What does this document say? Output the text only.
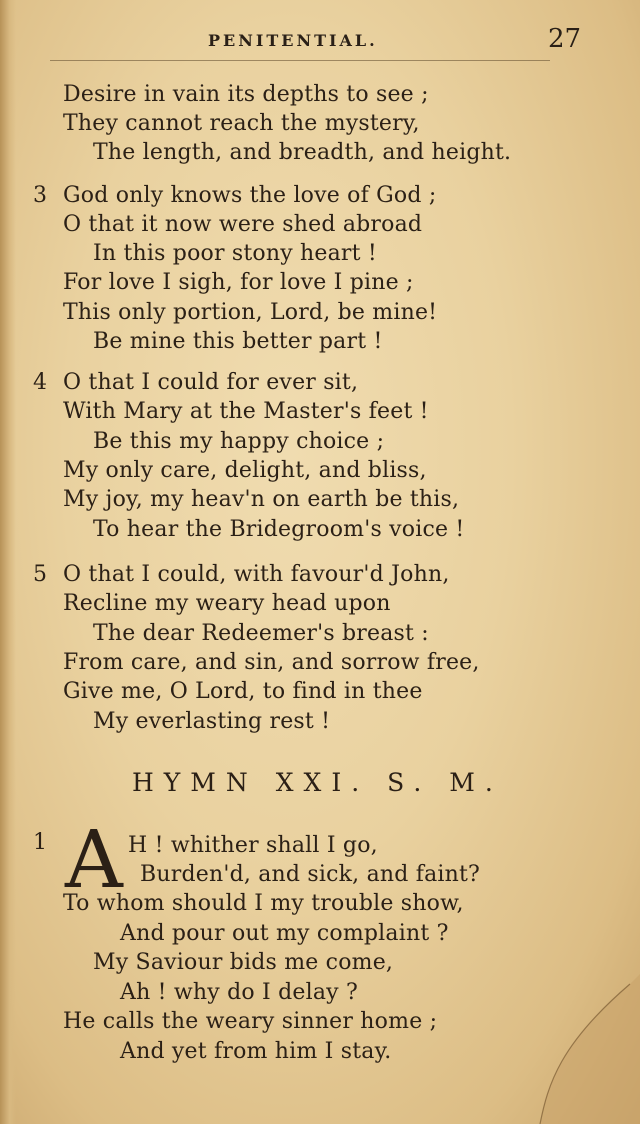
PENITENTIAL.	27
Desire in vain its depths to see ;
They cannot reach the mystery,
The length, and breadth, and height.
3 God only knows the love of God ;
O that it now were shed abroad
In this poor stony heart !
For love I sigh, for love I pine ;
This only portion, Lord, be mine!
Be mine this better part !
4 O that I could for ever sit,
With Mary at the Master's feet !
Be this my happy choice ;
My only care, delight, and bliss,
My joy, my heav'n on earth be this,
To hear the Bridegroom's voice !
5 O that I could, with favour'd John,
Recline my weary head upon
The dear Redeemer's breast :
From care, and sin, and sorrow free,
Give me, O Lord, to find in thee
My everlasting rest !
HYMN XXI. S. M.
1 A H ! whither shall I go,
Burden'd, and sick, and faint?
To whom should I my trouble show,
And pour out my complaint ?
My Saviour bids me come,
Ah ! why do I delay ?
He calls the weary sinner home ;
And yet from him I stay.
